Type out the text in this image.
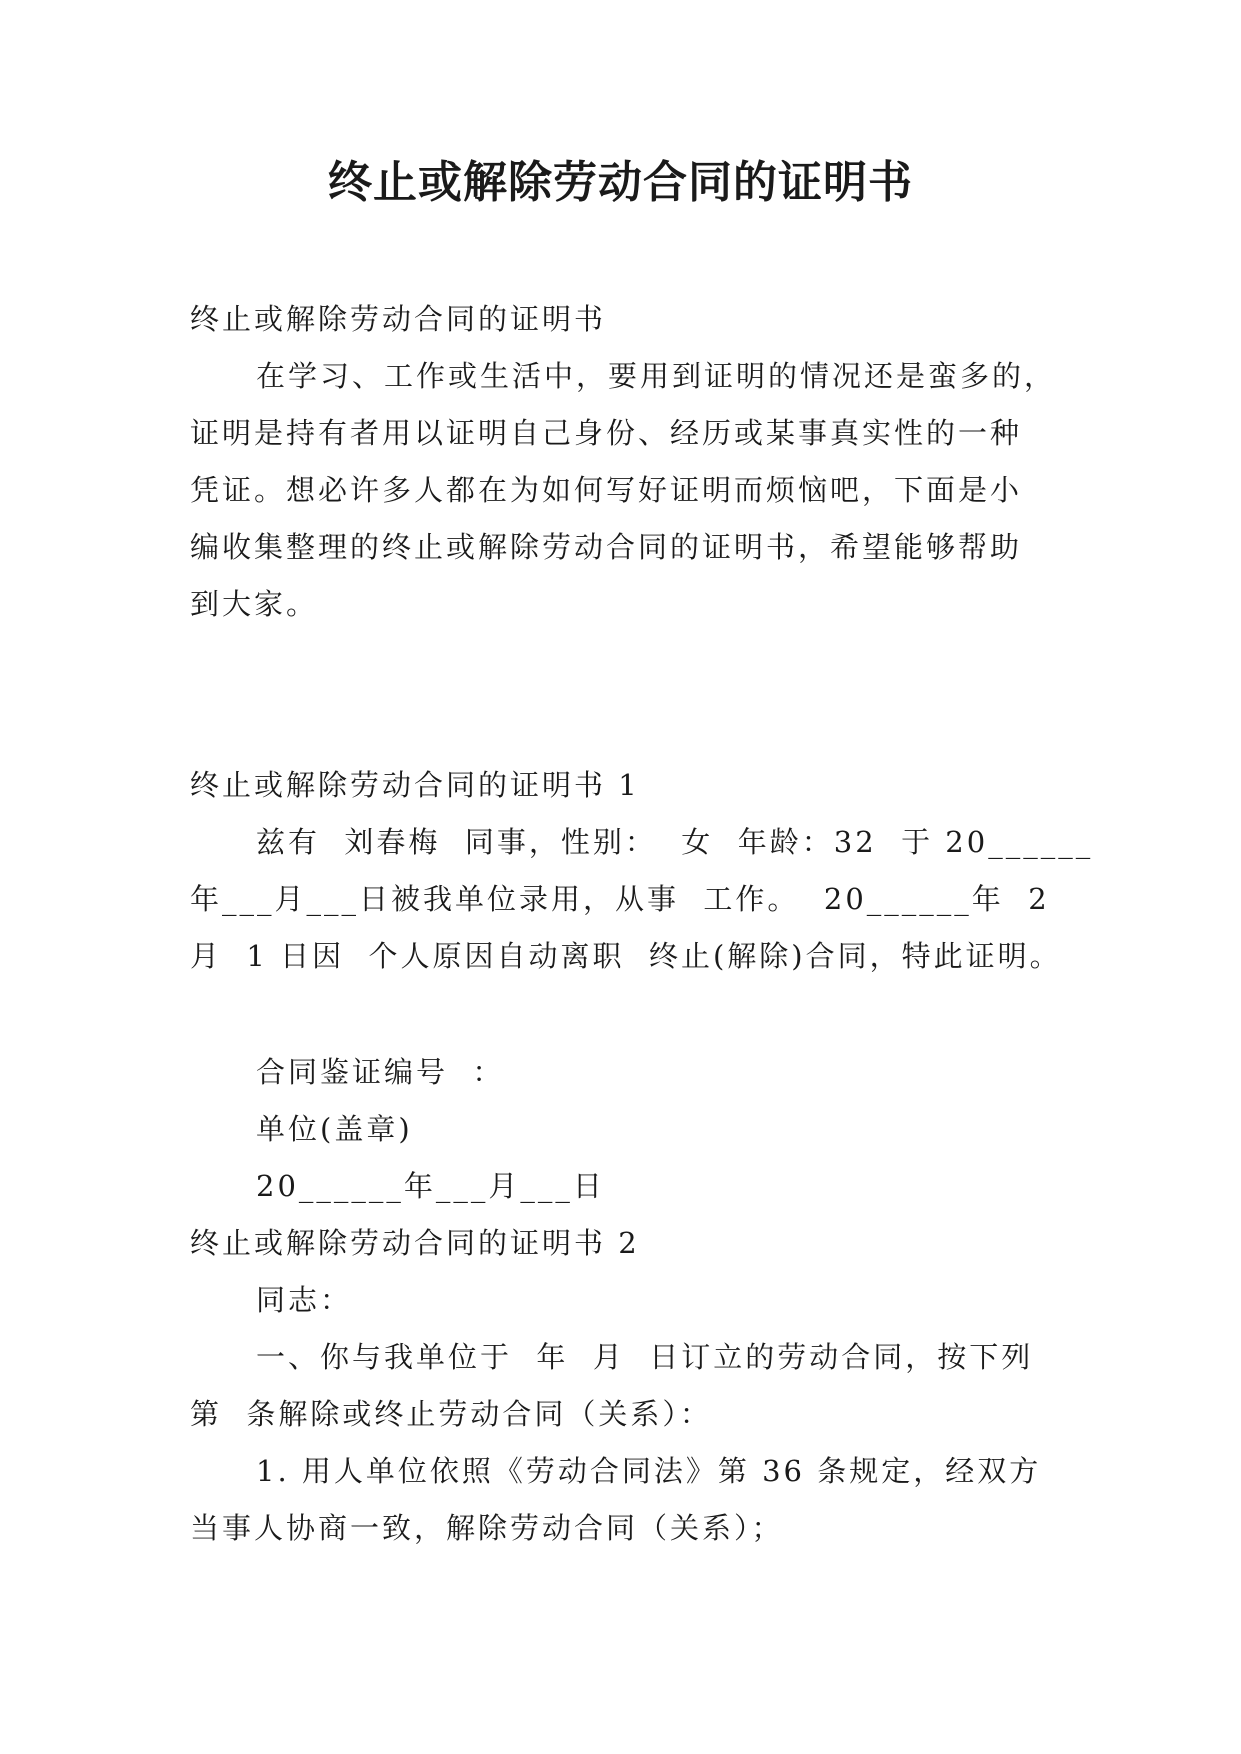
终止或解除劳动合同的证明书
终止或解除劳动合同的证明书
在学习、工作或生活中，要用到证明的情况还是蛮多的，
证明是持有者用以证明自己身份、经历或某事真实性的一种
凭证。想必许多人都在为如何写好证明而烦恼吧，下面是小
编收集整理的终止或解除劳动合同的证明书，希望能够帮助
到大家。
终止或解除劳动合同的证明书 1
兹有  刘春梅  同事，性别：  女  年龄：32  于 20______
年___月___日被我单位录用，从事  工作。  20______年  2
月  1 日因  个人原因自动离职  终止(解除)合同，特此证明。
合同鉴证编号  ：
单位(盖章)
20______年___月___日
终止或解除劳动合同的证明书 2
同志：
一、你与我单位于  年  月  日订立的劳动合同，按下列
第  条解除或终止劳动合同（关系）：
1. 用人单位依照《劳动合同法》第 36 条规定，经双方
当事人协商一致，解除劳动合同（关系）；
